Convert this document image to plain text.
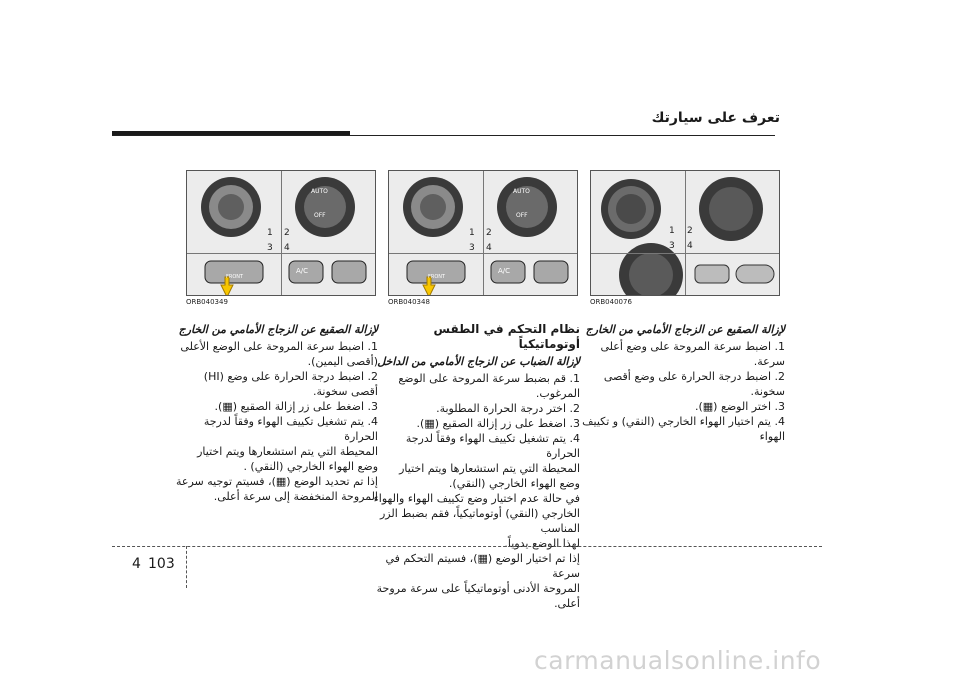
تعرف على سيارتك
1 2
3 4
ORB040076
AUTO
OFF
FRONT
A/C
1 2
3 4
ORB040348
AUTO
OFF
FRONT
A/C
1 2
3 4
ORB040349
لإزالة الصقيع عن الزجاج الأمامي من الخارج

1. اضبط سرعة المروحة على وضع أعلى

سرعة.

2. اضبط درجة الحرارة على وضع أقصى

سخونة.

3. اختر الوضع (▦).

4. يتم اختيار الهواء الخارجي (النقي) و تكييف

الهواء

نظام التحكم في الطقس أوتوماتيكياً
لإزالة الضباب عن الزجاج الأمامي من الداخل

1. قم بضبط سرعة المروحة على الوضع المرغوب.

2. اختر درجة الحرارة المطلوبة.

3. اضغط على زر إزالة الصقيع (▦).

4. يتم تشغيل تكييف الهواء وفقاً لدرجة الحرارة

المحيطة التي يتم استشعارها ويتم اختيار

وضع الهواء الخارجي (النقي).

في حالة عدم اختيار وضع تكييف الهواء والهواء

الخارجي (النقي) أوتوماتيكياً، فقم بضبط الزر المناسب

لهذا الوضع يدوياً.

إذا تم اختيار الوضع (▦)، فسيتم التحكم في سرعة

المروحة الأدنى أوتوماتيكياً على سرعة مروحة أعلى.

لإزالة الصقيع عن الزجاج الأمامي من الخارج

1. اضبط سرعة المروحة على الوضع الأعلى

(أقصى اليمين).

2. اضبط درجة الحرارة على وضع (HI)

أقصى سخونة.

3. اضغط على زر إزالة الصقيع (▦).

4. يتم تشغيل تكييف الهواء وفقاً لدرجة الحرارة

المحيطة التي يتم استشعارها ويتم اختيار

وضع الهواء الخارجي (النقي) .

إذا تم تحديد الوضع (▦)، فسيتم توجيه سرعة

المروحة المنخفضة إلى سرعة أعلى.

4 103
carmanualsonline.info
